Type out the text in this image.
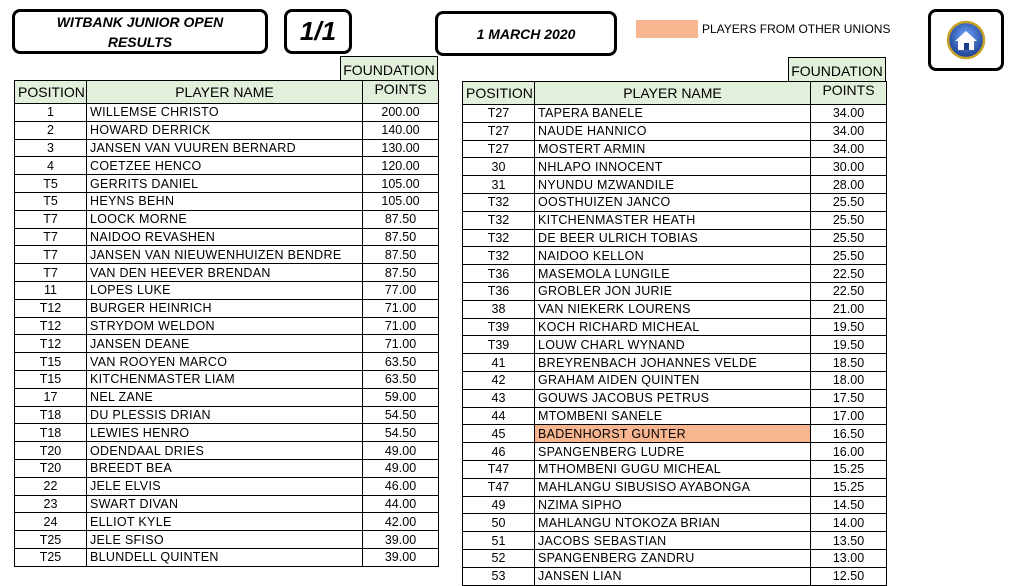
WITBANK JUNIOR OPEN RESULTS	1/1	1 MARCH 2020	PLAYERS FROM OTHER UNIONS
FOUNDATION
POSITION	PLAYER NAME	POINTS
1	WILLEMSE CHRISTO	200.00
2	HOWARD DERRICK	140.00
3	JANSEN VAN VUUREN BERNARD	130.00
4	COETZEE HENCO	120.00
T5	GERRITS DANIEL	105.00
T5	HEYNS BEHN	105.00
T7	LOOCK MORNE	87.50
T7	NAIDOO REVASHEN	87.50
T7	JANSEN VAN NIEUWENHUIZEN BENDRE	87.50
T7	VAN DEN HEEVER BRENDAN	87.50
11	LOPES LUKE	77.00
T12	BURGER HEINRICH	71.00
T12	STRYDOM WELDON	71.00
T12	JANSEN DEANE	71.00
T15	VAN ROOYEN MARCO	63.50
T15	KITCHENMASTER LIAM	63.50
17	NEL ZANE	59.00
T18	DU PLESSIS DRIAN	54.50
T18	LEWIES HENRO	54.50
T20	ODENDAAL DRIES	49.00
T20	BREEDT BEA	49.00
22	JELE ELVIS	46.00
23	SWART DIVAN	44.00
24	ELLIOT KYLE	42.00
T25	JELE SFISO	39.00
T25	BLUNDELL QUINTEN	39.00
FOUNDATION
POSITION	PLAYER NAME	POINTS
T27	TAPERA BANELE	34.00
T27	NAUDE HANNICO	34.00
T27	MOSTERT ARMIN	34.00
30	NHLAPO INNOCENT	30.00
31	NYUNDU MZWANDILE	28.00
T32	OOSTHUIZEN JANCO	25.50
T32	KITCHENMASTER HEATH	25.50
T32	DE BEER ULRICH TOBIAS	25.50
T32	NAIDOO KELLON	25.50
T36	MASEMOLA LUNGILE	22.50
T36	GROBLER JON JURIE	22.50
38	VAN NIEKERK LOURENS	21.00
T39	KOCH RICHARD MICHEAL	19.50
T39	LOUW CHARL WYNAND	19.50
41	BREYRENBACH JOHANNES VELDE	18.50
42	GRAHAM AIDEN QUINTEN	18.00
43	GOUWS JACOBUS PETRUS	17.50
44	MTOMBENI SANELE	17.00
45	BADENHORST GUNTER	16.50
46	SPANGENBERG LUDRE	16.00
T47	MTHOMBENI GUGU MICHEAL	15.25
T47	MAHLANGU SIBUSISO AYABONGA	15.25
49	NZIMA SIPHO	14.50
50	MAHLANGU NTOKOZA BRIAN	14.00
51	JACOBS SEBASTIAN	13.50
52	SPANGENBERG ZANDRU	13.00
53	JANSEN LIAN	12.50
